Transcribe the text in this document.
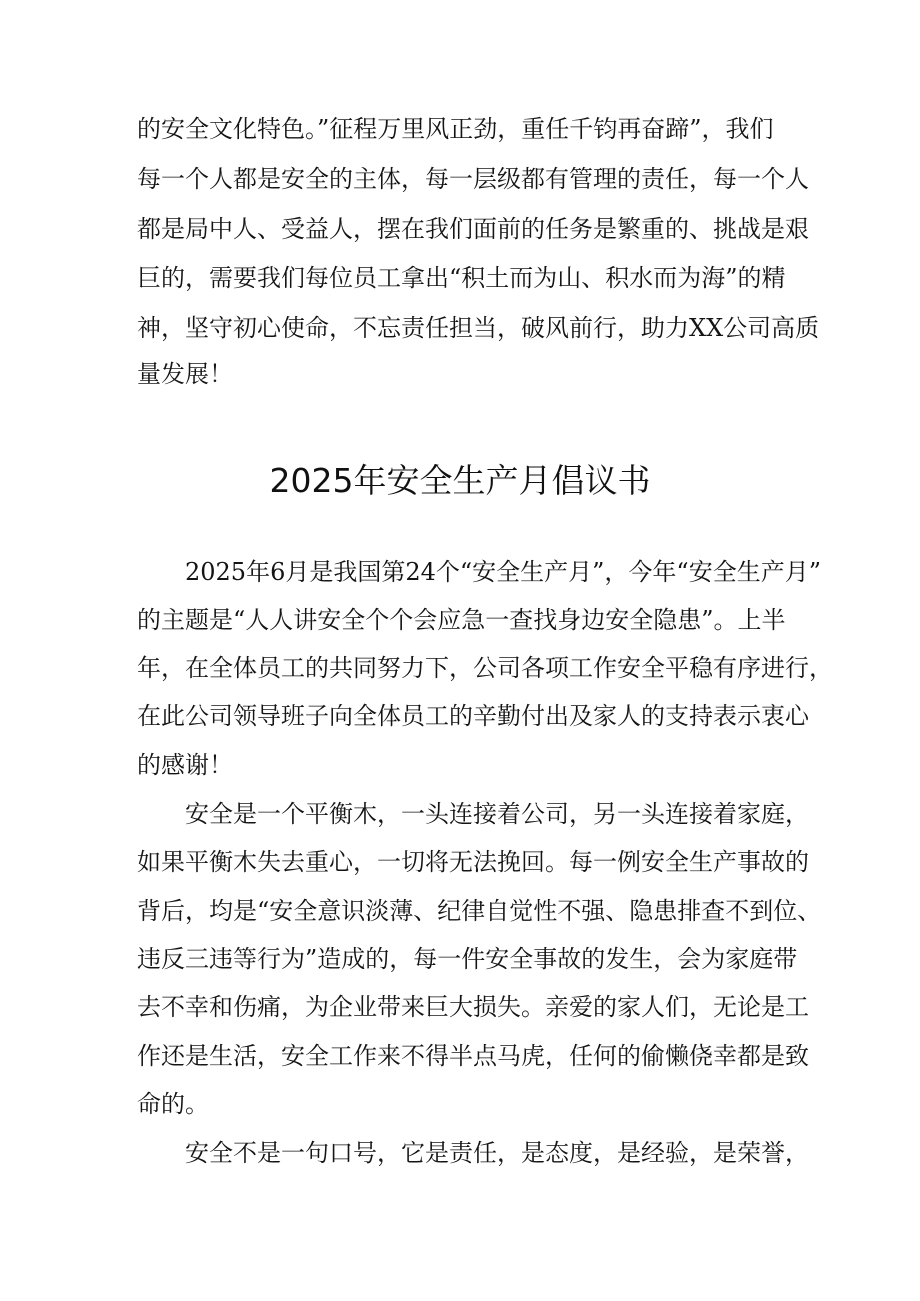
的安全文化特色。”征程万里风正劲，重任千钧再奋蹄”，我们
每一个人都是安全的主体，每一层级都有管理的责任，每一个人
都是局中人、受益人，摆在我们面前的任务是繁重的、挑战是艰
巨的，需要我们每位员工拿出“积土而为山、积水而为海”的精
神，坚守初心使命，不忘责任担当，破风前行，助力XX公司高质
量发展！
2025年安全生产月倡议书
2025年6月是我国第24个“安全生产月”，今年“安全生产月”
的主题是“人人讲安全个个会应急一查找身边安全隐患”。上半
年，在全体员工的共同努力下，公司各项工作安全平稳有序进行，
在此公司领导班子向全体员工的辛勤付出及家人的支持表示衷心
的感谢！
安全是一个平衡木，一头连接着公司，另一头连接着家庭，
如果平衡木失去重心，一切将无法挽回。每一例安全生产事故的
背后，均是“安全意识淡薄、纪律自觉性不强、隐患排查不到位、
违反三违等行为”造成的，每一件安全事故的发生，会为家庭带
去不幸和伤痛，为企业带来巨大损失。亲爱的家人们，无论是工
作还是生活，安全工作来不得半点马虎，任何的偷懒侥幸都是致
命的。
安全不是一句口号，它是责任，是态度，是经验，是荣誉，
